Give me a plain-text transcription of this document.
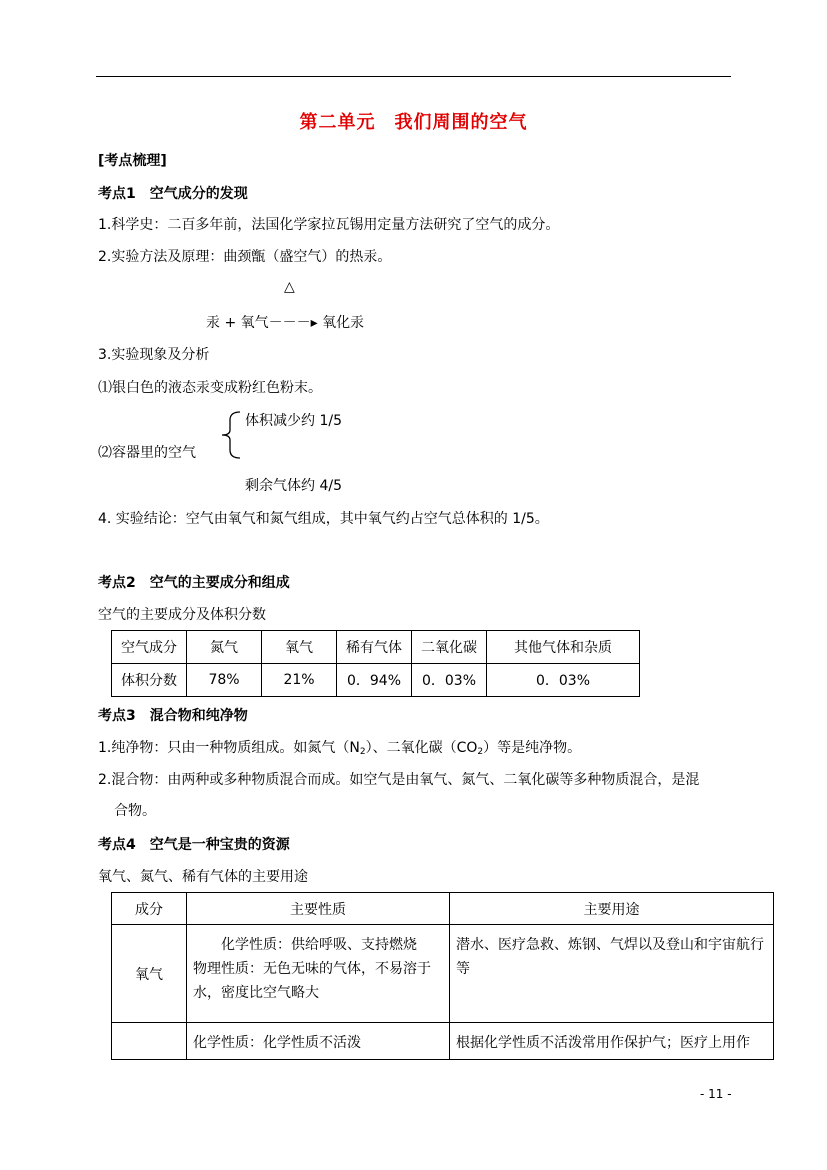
第二单元　我们周围的空气
[考点梳理]
考点1　空气成分的发现
1.科学史：二百多年前，法国化学家拉瓦锡用定量方法研究了空气的成分。
2.实验方法及原理：曲颈甑（盛空气）的热汞。
△
汞 + 氧气－－－▸ 氧化汞
3.实验现象及分析
⑴银白色的液态汞变成粉红色粉末。
体积减少约 1/5
⑵容器里的空气
剩余气体约 4/5
4. 实验结论：空气由氧气和氮气组成，其中氧气约占空气总体积的 1/5。
考点2　空气的主要成分和组成
空气的主要成分及体积分数
空气成分	氮气	氧气	稀有气体	二氧化碳	其他气体和杂质
体积分数	78%	21%	0．94%	0．03%	0．03%
考点3　混合物和纯净物
1.纯净物：只由一种物质组成。如氮气$(N_2)$、二氧化碳$(CO_2)$等是纯净物。
2.混合物：由两种或多种物质混合而成。如空气是由氧气、氮气、二氧化碳等多种物质混合，是混
合物。
考点4　空气是一种宝贵的资源
氧气、氮气、稀有气体的主要用途
成分	主要性质	主要用途
氧气	化学性质：供给呼吸、支持燃烧
物理性质：无色无味的气体，不易溶于水，密度比空气略大	潜水、医疗急救、炼钢、气焊以及登山和宇宙航行等
	化学性质：化学性质不活泼	根据化学性质不活泼常用作保护气；医疗上用作
- 11 -
